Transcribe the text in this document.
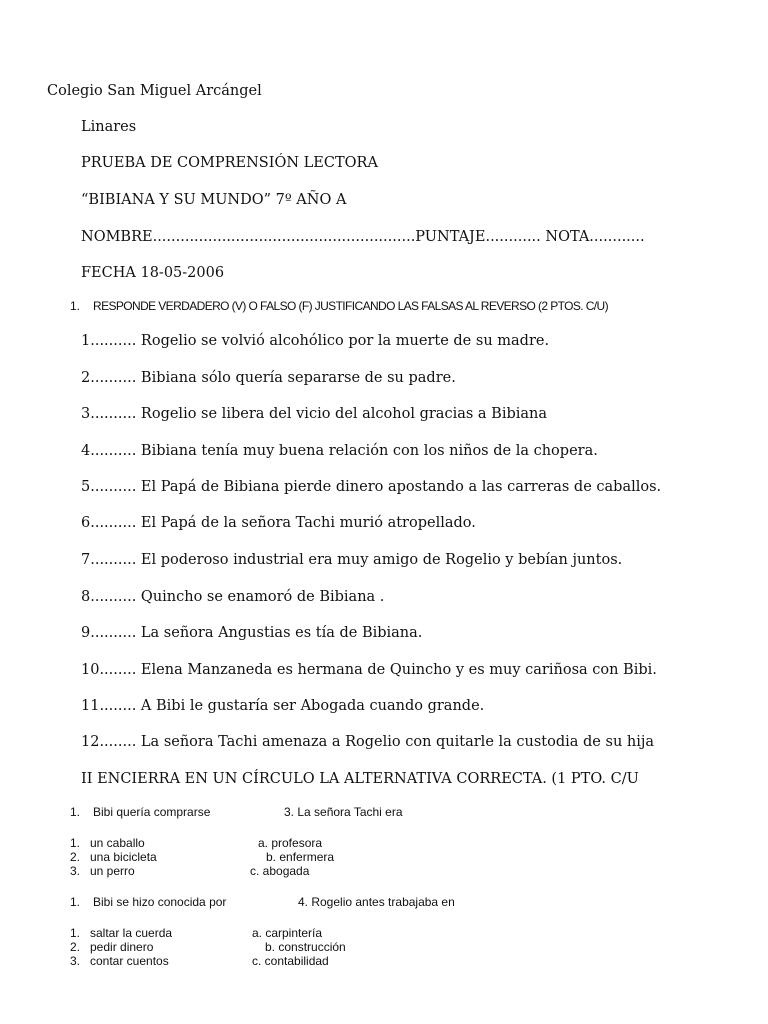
Colegio San Miguel Arcángel
Linares
PRUEBA DE COMPRENSIÓN LECTORA
“BIBIANA Y SU MUNDO” 7º AÑO A
NOMBRE.........................................................PUNTAJE............ NOTA............
FECHA 18-05-2006
1. RESPONDE VERDADERO (V) O FALSO (F) JUSTIFICANDO LAS FALSAS AL REVERSO (2 PTOS. C/U)
1.......... Rogelio se volvió alcohólico por la muerte de su madre.
2.......... Bibiana sólo quería separarse de su padre.
3.......... Rogelio se libera del vicio del alcohol gracias a Bibiana
4.......... Bibiana tenía muy buena relación con los niños de la chopera.
5.......... El Papá de Bibiana pierde dinero apostando a las carreras de caballos.
6.......... El Papá de la señora Tachi murió atropellado.
7.......... El poderoso industrial era muy amigo de Rogelio y bebían juntos.
8.......... Quincho se enamoró de Bibiana .
9.......... La señora Angustias es tía de Bibiana.
10........ Elena Manzaneda es hermana de Quincho y es muy cariñosa con Bibi.
11........ A Bibi le gustaría ser Abogada cuando grande.
12........ La señora Tachi amenaza a Rogelio con quitarle la custodia de su hija
II ENCIERRA EN UN CÍRCULO LA ALTERNATIVA CORRECTA. (1 PTO. C/U
1. Bibi quería comprarse	3. La señora Tachi era
1. un caballo
2. una bicicleta
3. un perro
a. profesora
b. enfermera
c. abogada
1. Bibi se hizo conocida por	4. Rogelio antes trabajaba en
1. saltar la cuerda
2. pedir dinero
3. contar cuentos
a. carpintería
b. construcción
c. contabilidad
